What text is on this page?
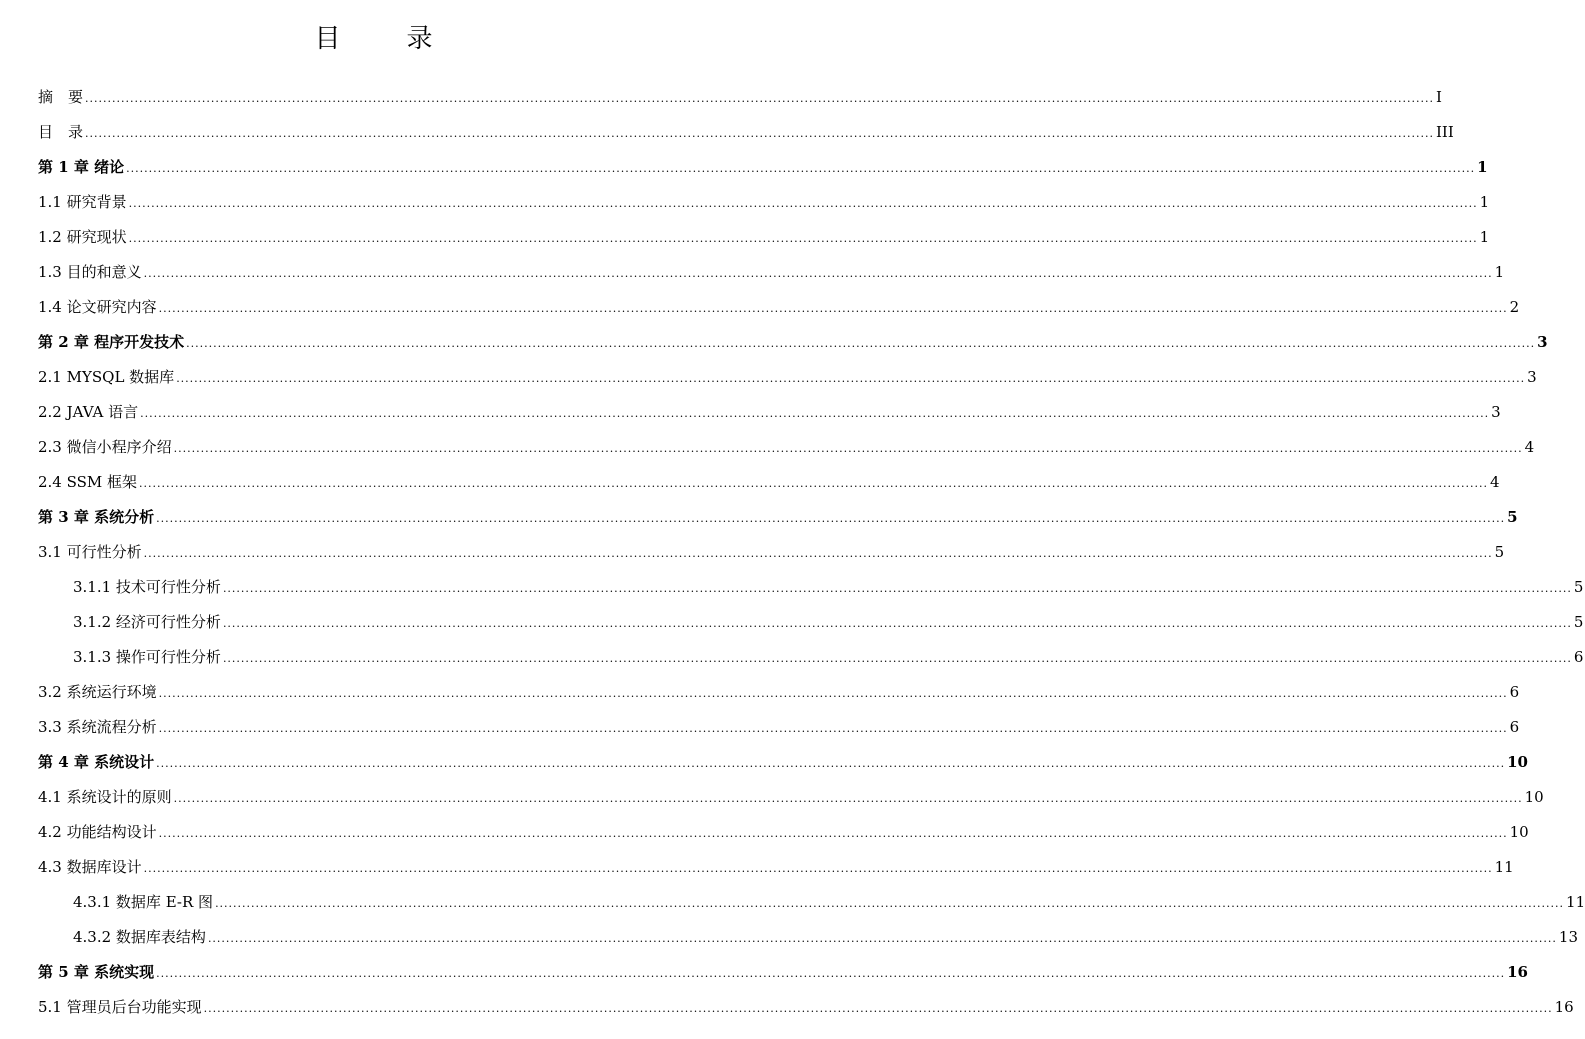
目　录
摘　要 ............................................................................................................................................................................................................................................................................................................ I
目　录 ............................................................................................................................................................................................................................................................................................................ III
第 1 章 绪论 ............................................................................................................................................................................................................................................................................................................ 1
1.1 研究背景 ............................................................................................................................................................................................................................................................................................................ 1
1.2 研究现状 ............................................................................................................................................................................................................................................................................................................ 1
1.3 目的和意义 ............................................................................................................................................................................................................................................................................................................ 1
1.4 论文研究内容 ............................................................................................................................................................................................................................................................................................................ 2
第 2 章 程序开发技术 ............................................................................................................................................................................................................................................................................................................ 3
2.1 MYSQL 数据库 ............................................................................................................................................................................................................................................................................................................ 3
2.2 JAVA 语言 ............................................................................................................................................................................................................................................................................................................ 3
2.3 微信小程序介绍 ............................................................................................................................................................................................................................................................................................................ 4
2.4 SSM 框架 ............................................................................................................................................................................................................................................................................................................ 4
第 3 章 系统分析 ............................................................................................................................................................................................................................................................................................................ 5
3.1 可行性分析 ............................................................................................................................................................................................................................................................................................................ 5
3.1.1 技术可行性分析 ............................................................................................................................................................................................................................................................................................................ 5
3.1.2 经济可行性分析 ............................................................................................................................................................................................................................................................................................................ 5
3.1.3 操作可行性分析 ............................................................................................................................................................................................................................................................................................................ 6
3.2 系统运行环境 ............................................................................................................................................................................................................................................................................................................ 6
3.3 系统流程分析 ............................................................................................................................................................................................................................................................................................................ 6
第 4 章 系统设计 ............................................................................................................................................................................................................................................................................................................ 10
4.1 系统设计的原则 ............................................................................................................................................................................................................................................................................................................ 10
4.2 功能结构设计 ............................................................................................................................................................................................................................................................................................................ 10
4.3 数据库设计 ............................................................................................................................................................................................................................................................................................................ 11
4.3.1 数据库 E-R 图 ............................................................................................................................................................................................................................................................................................................ 11
4.3.2 数据库表结构 ............................................................................................................................................................................................................................................................................................................ 13
第 5 章 系统实现 ............................................................................................................................................................................................................................................................................................................ 16
5.1 管理员后台功能实现 ............................................................................................................................................................................................................................................................................................................ 16
